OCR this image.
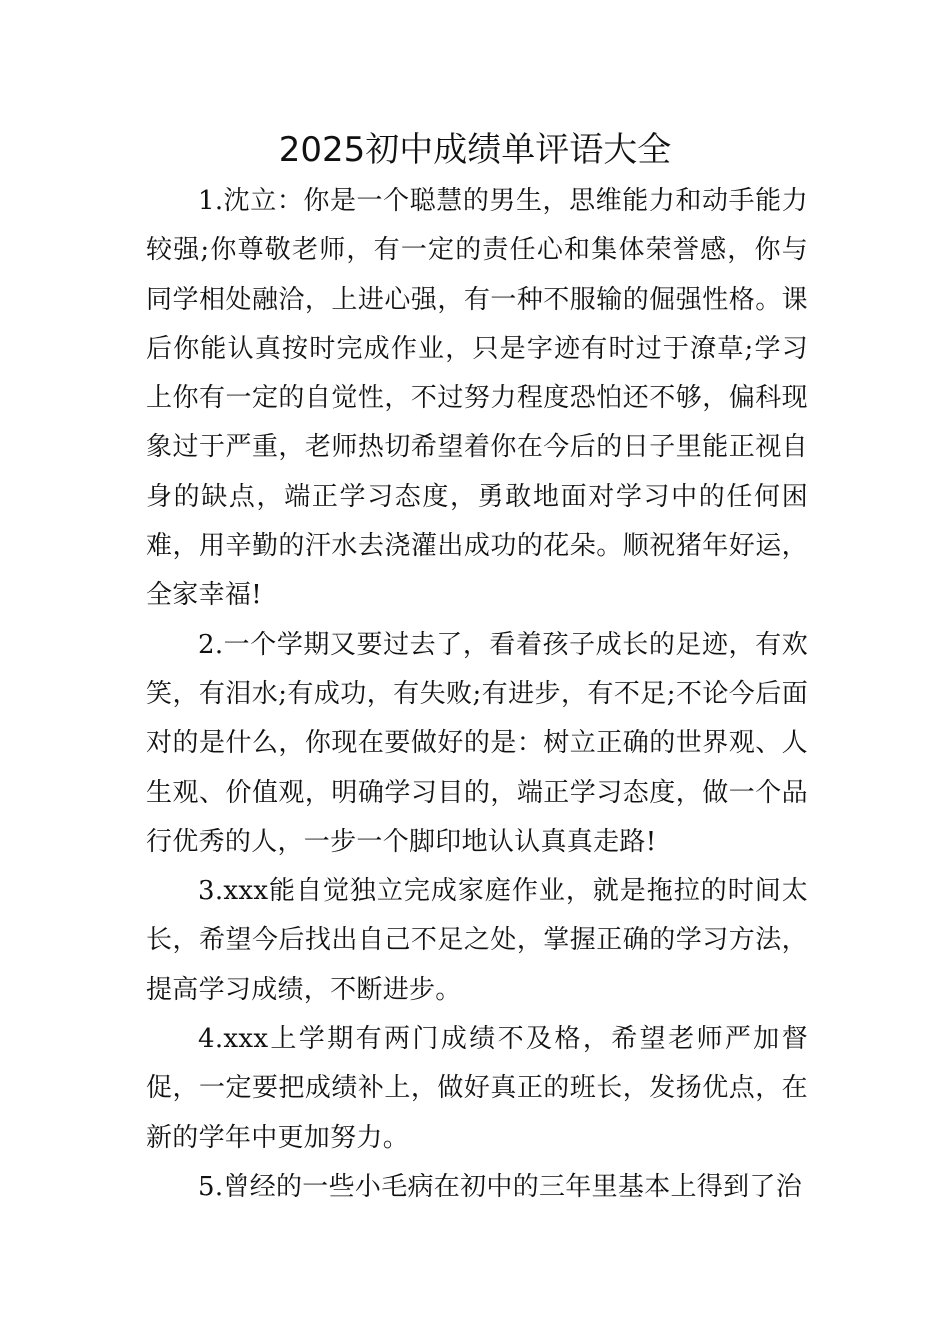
2025初中成绩单评语大全

1.沈立：你是一个聪慧的男生，思维能力和动手能力较强;你尊敬老师，有一定的责任心和集体荣誉感，你与同学相处融洽，上进心强，有一种不服输的倔强性格。课后你能认真按时完成作业，只是字迹有时过于潦草;学习上你有一定的自觉性，不过努力程度恐怕还不够，偏科现象过于严重，老师热切希望着你在今后的日子里能正视自身的缺点，端正学习态度，勇敢地面对学习中的任何困难，用辛勤的汗水去浇灌出成功的花朵。顺祝猪年好运，全家幸福!

2.一个学期又要过去了，看着孩子成长的足迹，有欢笑，有泪水;有成功，有失败;有进步，有不足;不论今后面对的是什么，你现在要做好的是：树立正确的世界观、人生观、价值观，明确学习目的，端正学习态度，做一个品行优秀的人，一步一个脚印地认认真真走路!

3.xxx能自觉独立完成家庭作业，就是拖拉的时间太长，希望今后找出自己不足之处，掌握正确的学习方法，提高学习成绩，不断进步。

4.xxx上学期有两门成绩不及格，希望老师严加督促，一定要把成绩补上，做好真正的班长，发扬优点，在新的学年中更加努力。

5.曾经的一些小毛病在初中的三年里基本上得到了治
